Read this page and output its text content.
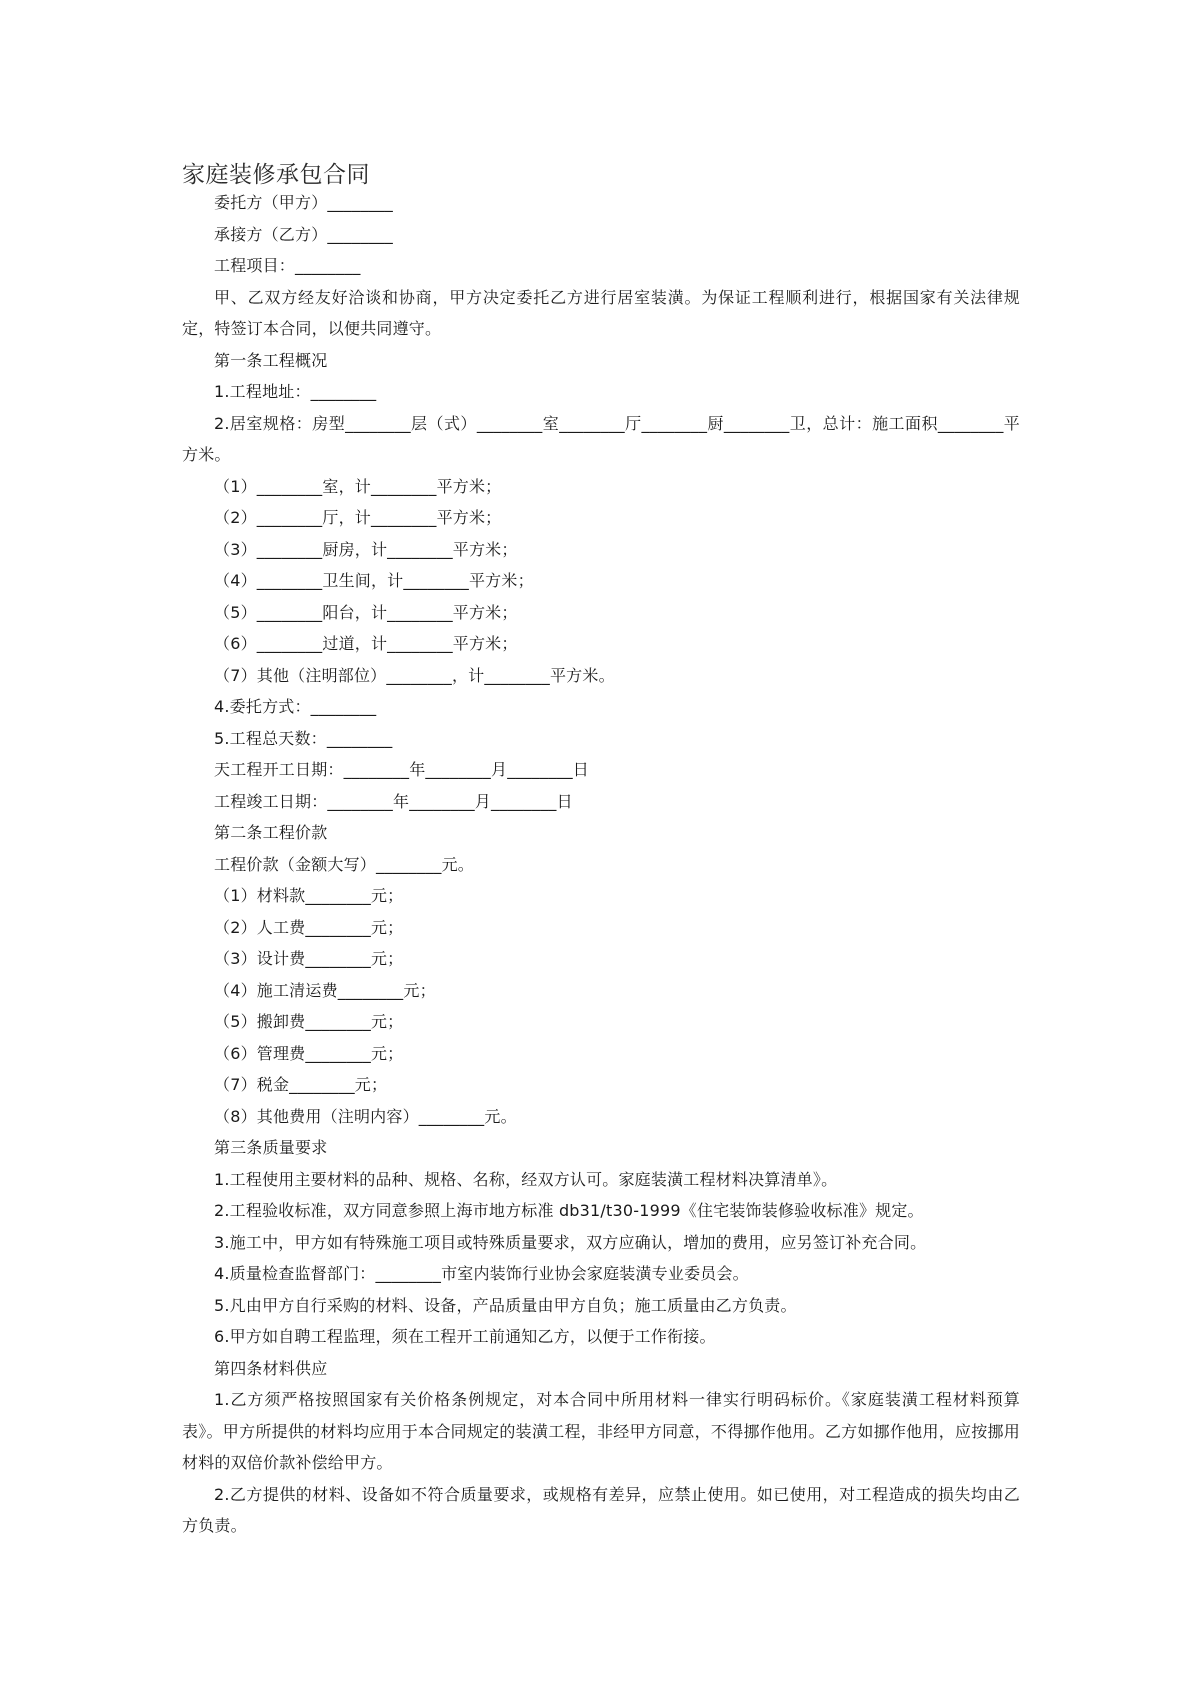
家庭装修承包合同
委托方（甲方）________
承接方（乙方）________
工程项目：________
甲、乙双方经友好洽谈和协商，甲方决定委托乙方进行居室装潢。为保证工程顺利进行，根据国家有关法律规定，特签订本合同，以便共同遵守。
第一条工程概况
1.工程地址：________
2.居室规格：房型________层（式）________室________厅________厨________卫，总计：施工面积________平方米。
（1）________室，计________平方米；
（2）________厅，计________平方米；
（3）________厨房，计________平方米；
（4）________卫生间，计________平方米；
（5）________阳台，计________平方米；
（6）________过道，计________平方米；
（7）其他（注明部位）________，计________平方米。
4.委托方式：________
5.工程总天数：________
天工程开工日期：________年________月________日
工程竣工日期：________年________月________日
第二条工程价款
工程价款（金额大写）________元。
（1）材料款________元；
（2）人工费________元；
（3）设计费________元；
（4）施工清运费________元；
（5）搬卸费________元；
（6）管理费________元；
（7）税金________元；
（8）其他费用（注明内容）________元。
第三条质量要求
1.工程使用主要材料的品种、规格、名称，经双方认可。家庭装潢工程材料决算清单》。
2.工程验收标准，双方同意参照上海市地方标准 db31/t30-1999《住宅装饰装修验收标准》规定。
3.施工中，甲方如有特殊施工项目或特殊质量要求，双方应确认，增加的费用，应另签订补充合同。
4.质量检查监督部门：________市室内装饰行业协会家庭装潢专业委员会。
5.凡由甲方自行采购的材料、设备，产品质量由甲方自负；施工质量由乙方负责。
6.甲方如自聘工程监理，须在工程开工前通知乙方，以便于工作衔接。
第四条材料供应
1.乙方须严格按照国家有关价格条例规定，对本合同中所用材料一律实行明码标价。《家庭装潢工程材料预算表》。甲方所提供的材料均应用于本合同规定的装潢工程，非经甲方同意，不得挪作他用。乙方如挪作他用，应按挪用材料的双倍价款补偿给甲方。
2.乙方提供的材料、设备如不符合质量要求，或规格有差异，应禁止使用。如已使用，对工程造成的损失均由乙方负责。
